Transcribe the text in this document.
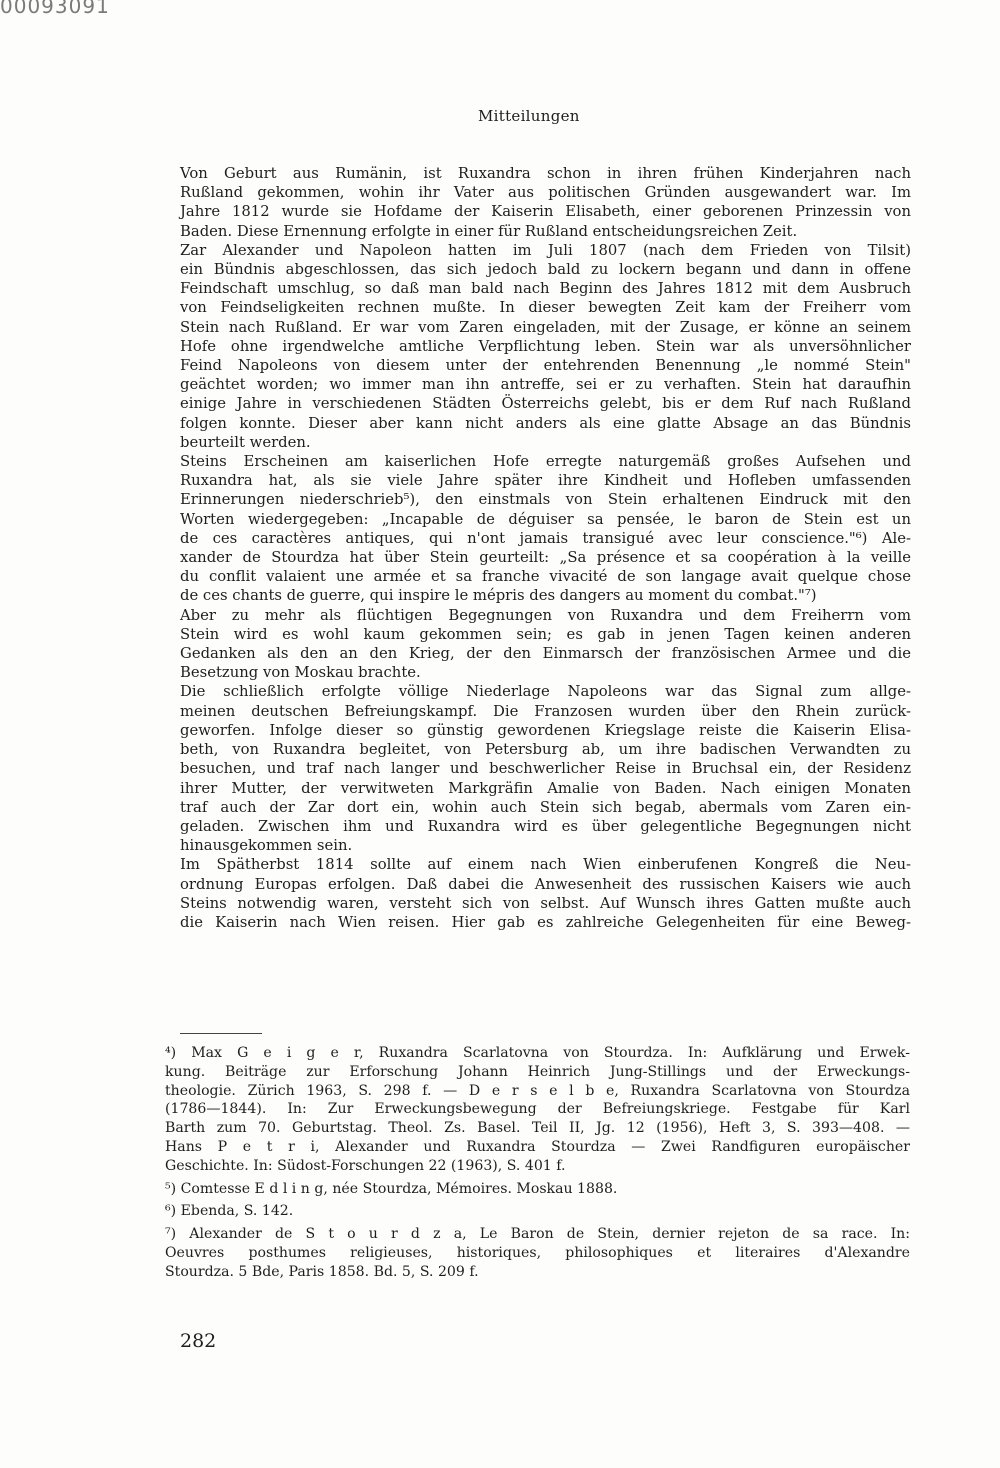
00093091
Mitteilungen

Von Geburt aus Rumänin, ist Ruxandra schon in ihren frühen Kinderjahren nach
Rußland gekommen, wohin ihr Vater aus politischen Gründen ausgewandert war. Im
Jahre 1812 wurde sie Hofdame der Kaiserin Elisabeth, einer geborenen Prinzessin von
Baden. Diese Ernennung erfolgte in einer für Rußland entscheidungsreichen Zeit.

Zar Alexander und Napoleon hatten im Juli 1807 (nach dem Frieden von Tilsit)
ein Bündnis abgeschlossen, das sich jedoch bald zu lockern begann und dann in offene
Feindschaft umschlug, so daß man bald nach Beginn des Jahres 1812 mit dem Ausbruch
von Feindseligkeiten rechnen mußte. In dieser bewegten Zeit kam der Freiherr vom
Stein nach Rußland. Er war vom Zaren eingeladen, mit der Zusage, er könne an seinem
Hofe ohne irgendwelche amtliche Verpflichtung leben. Stein war als unversöhnlicher
Feind Napoleons von diesem unter der entehrenden Benennung „le nommé Stein"
geächtet worden; wo immer man ihn antreffe, sei er zu verhaften. Stein hat daraufhin
einige Jahre in verschiedenen Städten Österreichs gelebt, bis er dem Ruf nach Rußland
folgen konnte. Dieser aber kann nicht anders als eine glatte Absage an das Bündnis
beurteilt werden.

Steins Erscheinen am kaiserlichen Hofe erregte naturgemäß großes Aufsehen und
Ruxandra hat, als sie viele Jahre später ihre Kindheit und Hofleben umfassenden
Erinnerungen niederschrieb⁵), den einstmals von Stein erhaltenen Eindruck mit den
Worten wiedergegeben: „Incapable de déguiser sa pensée, le baron de Stein est un
de ces caractères antiques, qui n'ont jamais transigué avec leur conscience."⁶) Ale-
xander de Stourdza hat über Stein geurteilt: „Sa présence et sa coopération à la veille
du conflit valaient une armée et sa franche vivacité de son langage avait quelque chose
de ces chants de guerre, qui inspire le mépris des dangers au moment du combat."⁷)

Aber zu mehr als flüchtigen Begegnungen von Ruxandra und dem Freiherrn vom
Stein wird es wohl kaum gekommen sein; es gab in jenen Tagen keinen anderen
Gedanken als den an den Krieg, der den Einmarsch der französischen Armee und die
Besetzung von Moskau brachte.

Die schließlich erfolgte völlige Niederlage Napoleons war das Signal zum allge-
meinen deutschen Befreiungskampf. Die Franzosen wurden über den Rhein zurück-
geworfen. Infolge dieser so günstig gewordenen Kriegslage reiste die Kaiserin Elisa-
beth, von Ruxandra begleitet, von Petersburg ab, um ihre badischen Verwandten zu
besuchen, und traf nach langer und beschwerlicher Reise in Bruchsal ein, der Residenz
ihrer Mutter, der verwitweten Markgräfin Amalie von Baden. Nach einigen Monaten
traf auch der Zar dort ein, wohin auch Stein sich begab, abermals vom Zaren ein-
geladen. Zwischen ihm und Ruxandra wird es über gelegentliche Begegnungen nicht
hinausgekommen sein.

Im Spätherbst 1814 sollte auf einem nach Wien einberufenen Kongreß die Neu-
ordnung Europas erfolgen. Daß dabei die Anwesenheit des russischen Kaisers wie auch
Steins notwendig waren, versteht sich von selbst. Auf Wunsch ihres Gatten mußte auch
die Kaiserin nach Wien reisen. Hier gab es zahlreiche Gelegenheiten für eine Beweg-

⁴) Max G e i g e r, Ruxandra Scarlatovna von Stourdza. In: Aufklärung und Erwek-
kung. Beiträge zur Erforschung Johann Heinrich Jung-Stillings und der Erweckungs-
theologie. Zürich 1963, S. 298 f. — D e r s e l b e, Ruxandra Scarlatovna von Stourdza
(1786—1844). In: Zur Erweckungsbewegung der Befreiungskriege. Festgabe für Karl
Barth zum 70. Geburtstag. Theol. Zs. Basel. Teil II, Jg. 12 (1956), Heft 3, S. 393—408. —
Hans P e t r i, Alexander und Ruxandra Stourdza — Zwei Randfiguren europäischer
Geschichte. In: Südost-Forschungen 22 (1963), S. 401 f.

⁵) Comtesse E d l i n g, née Stourdza, Mémoires. Moskau 1888.

⁶) Ebenda, S. 142.

⁷) Alexander de S t o u r d z a, Le Baron de Stein, dernier rejeton de sa race. In:
Oeuvres posthumes religieuses, historiques, philosophiques et literaires d'Alexandre
Stourdza. 5 Bde, Paris 1858. Bd. 5, S. 209 f.

282
